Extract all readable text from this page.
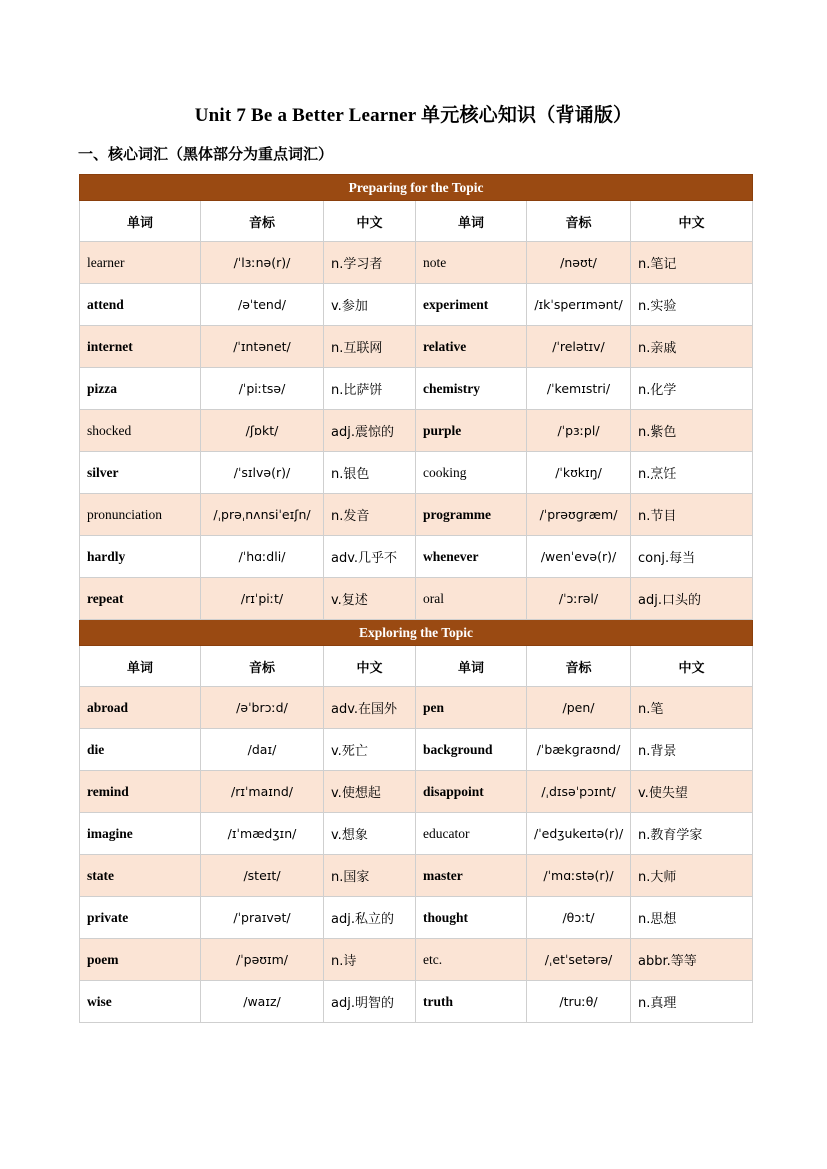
Unit 7 Be a Better Learner 单元核心知识（背诵版）
一、核心词汇（黑体部分为重点词汇）
Preparing for the Topic					
单词	音标	中文	单词	音标	中文
learner	/ˈlɜːnə(r)/	n.学习者	note	/nəʊt/	n.笔记
attend	/əˈtend/	v.参加	experiment	/ɪkˈsperɪmənt/	n.实验
internet	/ˈɪntənet/	n.互联网	relative	/ˈrelətɪv/	n.亲戚
pizza	/ˈpiːtsə/	n.比萨饼	chemistry	/ˈkemɪstri/	n.化学
shocked	/ʃɒkt/	adj.震惊的	purple	/ˈpɜːpl/	n.紫色
silver	/ˈsɪlvə(r)/	n.银色	cooking	/ˈkʊkɪŋ/	n.烹饪
pronunciation	/ˌprəˌnʌnsiˈeɪʃn/	n.发音	programme	/ˈprəʊɡræm/	n.节目
hardly	/ˈhɑːdli/	adv.几乎不	whenever	/wenˈevə(r)/	conj.每当
repeat	/rɪˈpiːt/	v.复述	oral	/ˈɔːrəl/	adj.口头的
Exploring the Topic					
单词	音标	中文	单词	音标	中文
abroad	/əˈbrɔːd/	adv.在国外	pen	/pen/	n.笔
die	/daɪ/	v.死亡	background	/ˈbækɡraʊnd/	n.背景
remind	/rɪˈmaɪnd/	v.使想起	disappoint	/ˌdɪsəˈpɔɪnt/	v.使失望
imagine	/ɪˈmædʒɪn/	v.想象	educator	/ˈedʒukeɪtə(r)/	n.教育学家
state	/steɪt/	n.国家	master	/ˈmɑːstə(r)/	n.大师
private	/ˈpraɪvət/	adj.私立的	thought	/θɔːt/	n.思想
poem	/ˈpəʊɪm/	n.诗	etc.	/ˌetˈsetərə/	abbr.等等
wise	/waɪz/	adj.明智的	truth	/truːθ/	n.真理
